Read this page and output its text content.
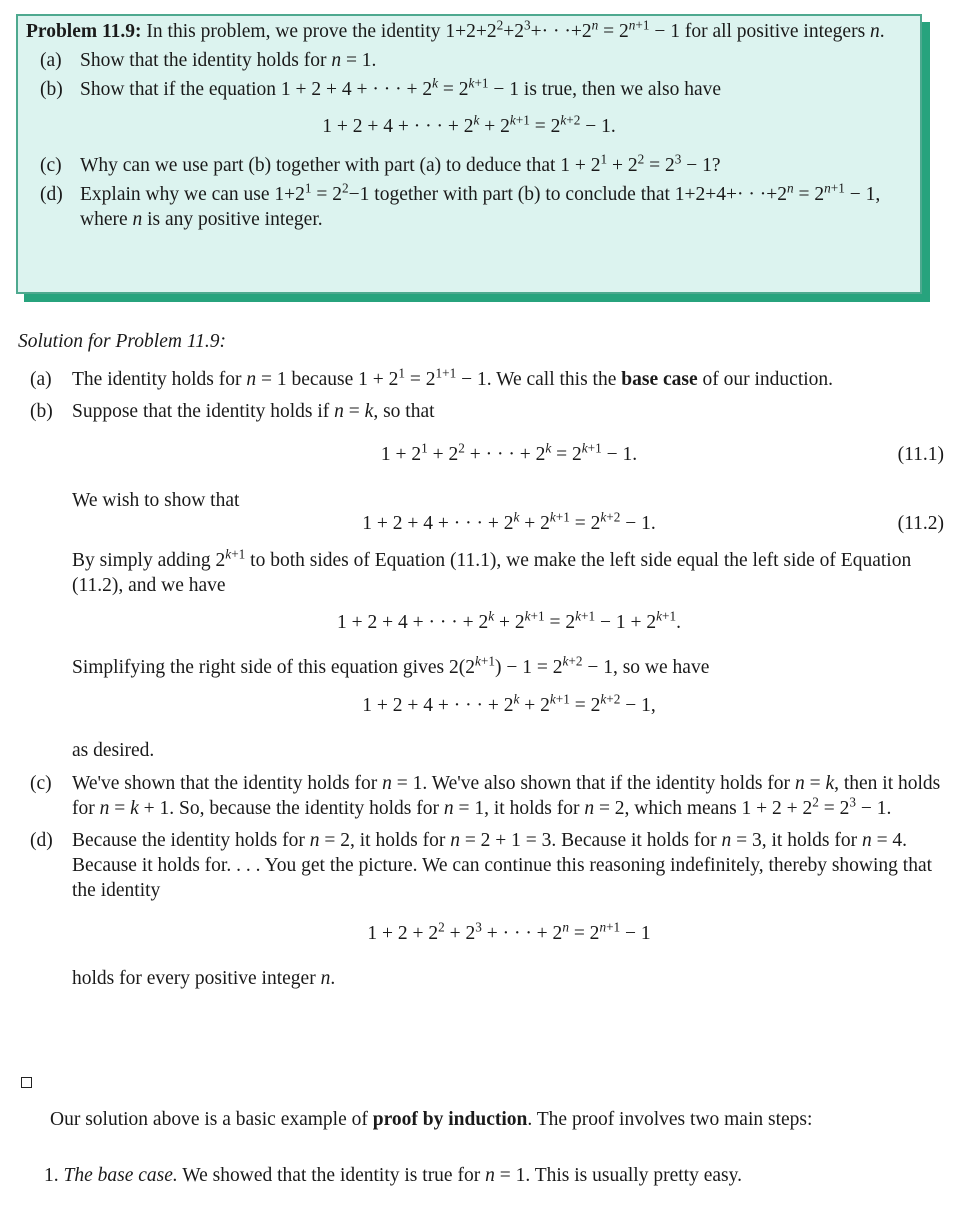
Problem 11.9: In this problem, we prove the identity $1+2+2^2+2^3+\cdot \cdot \cdot+2^n = 2^{n+1} - 1$ for all positive integers n.
(a) Show that the identity holds for n = 1.
(b) Show that if the equation 1 + 2 + 4 + · · · + $2^k = 2^{k+1} - 1$ is true, then we also have
1 + 2 + 4 + · · · + $2^k + 2^{k+1} = 2^{k+2} - 1$.
(c) Why can we use part (b) together with part (a) to deduce that $1 + 2^1 + 2^2 = 2^3 - 1$?
(d) Explain why we can use $1+2^1 = 2^2-1$ together with part (b) to conclude that $1+2+4+\cdot \cdot \cdot+2^n = 2^{n+1} - 1$, where n is any positive integer.
Solution for Problem 11.9:
(a) The identity holds for n = 1 because $1 + 2^1 = 2^{1+1} - 1$. We call this the base case of our induction.
(b) Suppose that the identity holds if n = k, so that
$1 + 2^1 + 2^2$ + · · · + $2^k = 2^{k+1} - 1$.	(11.1)
We wish to show that
1 + 2 + 4 + · · · + $2^k + 2^{k+1} = 2^{k+2} - 1$.	(11.2)
By simply adding $2^{k+1}$ to both sides of Equation (11.1), we make the left side equal the left side of Equation (11.2), and we have
1 + 2 + 4 + · · · + $2^k + 2^{k+1} = 2^{k+1} - 1 + 2^{k+1}$.
Simplifying the right side of this equation gives $2(2^{k+1}) - 1 = 2^{k+2} - 1$, so we have
1 + 2 + 4 + · · · + $2^k + 2^{k+1} = 2^{k+2} - 1$,
as desired.
(c) We've shown that the identity holds for n = 1. We've also shown that if the identity holds for n = k, then it holds for n = k + 1. So, because the identity holds for n = 1, it holds for n = 2, which means $1 + 2 + 2^2 = 2^3 - 1$.
(d) Because the identity holds for n = 2, it holds for n = 2 + 1 = 3. Because it holds for n = 3, it holds for n = 4. Because it holds for. . . . You get the picture. We can continue this reasoning indefinitely, thereby showing that the identity
$1 + 2 + 2^2 + 2^3$ + · · · + $2^n = 2^{n+1} - 1$
holds for every positive integer n.
Our solution above is a basic example of proof by induction. The proof involves two main steps:
1. The base case. We showed that the identity is true for n = 1. This is usually pretty easy.
